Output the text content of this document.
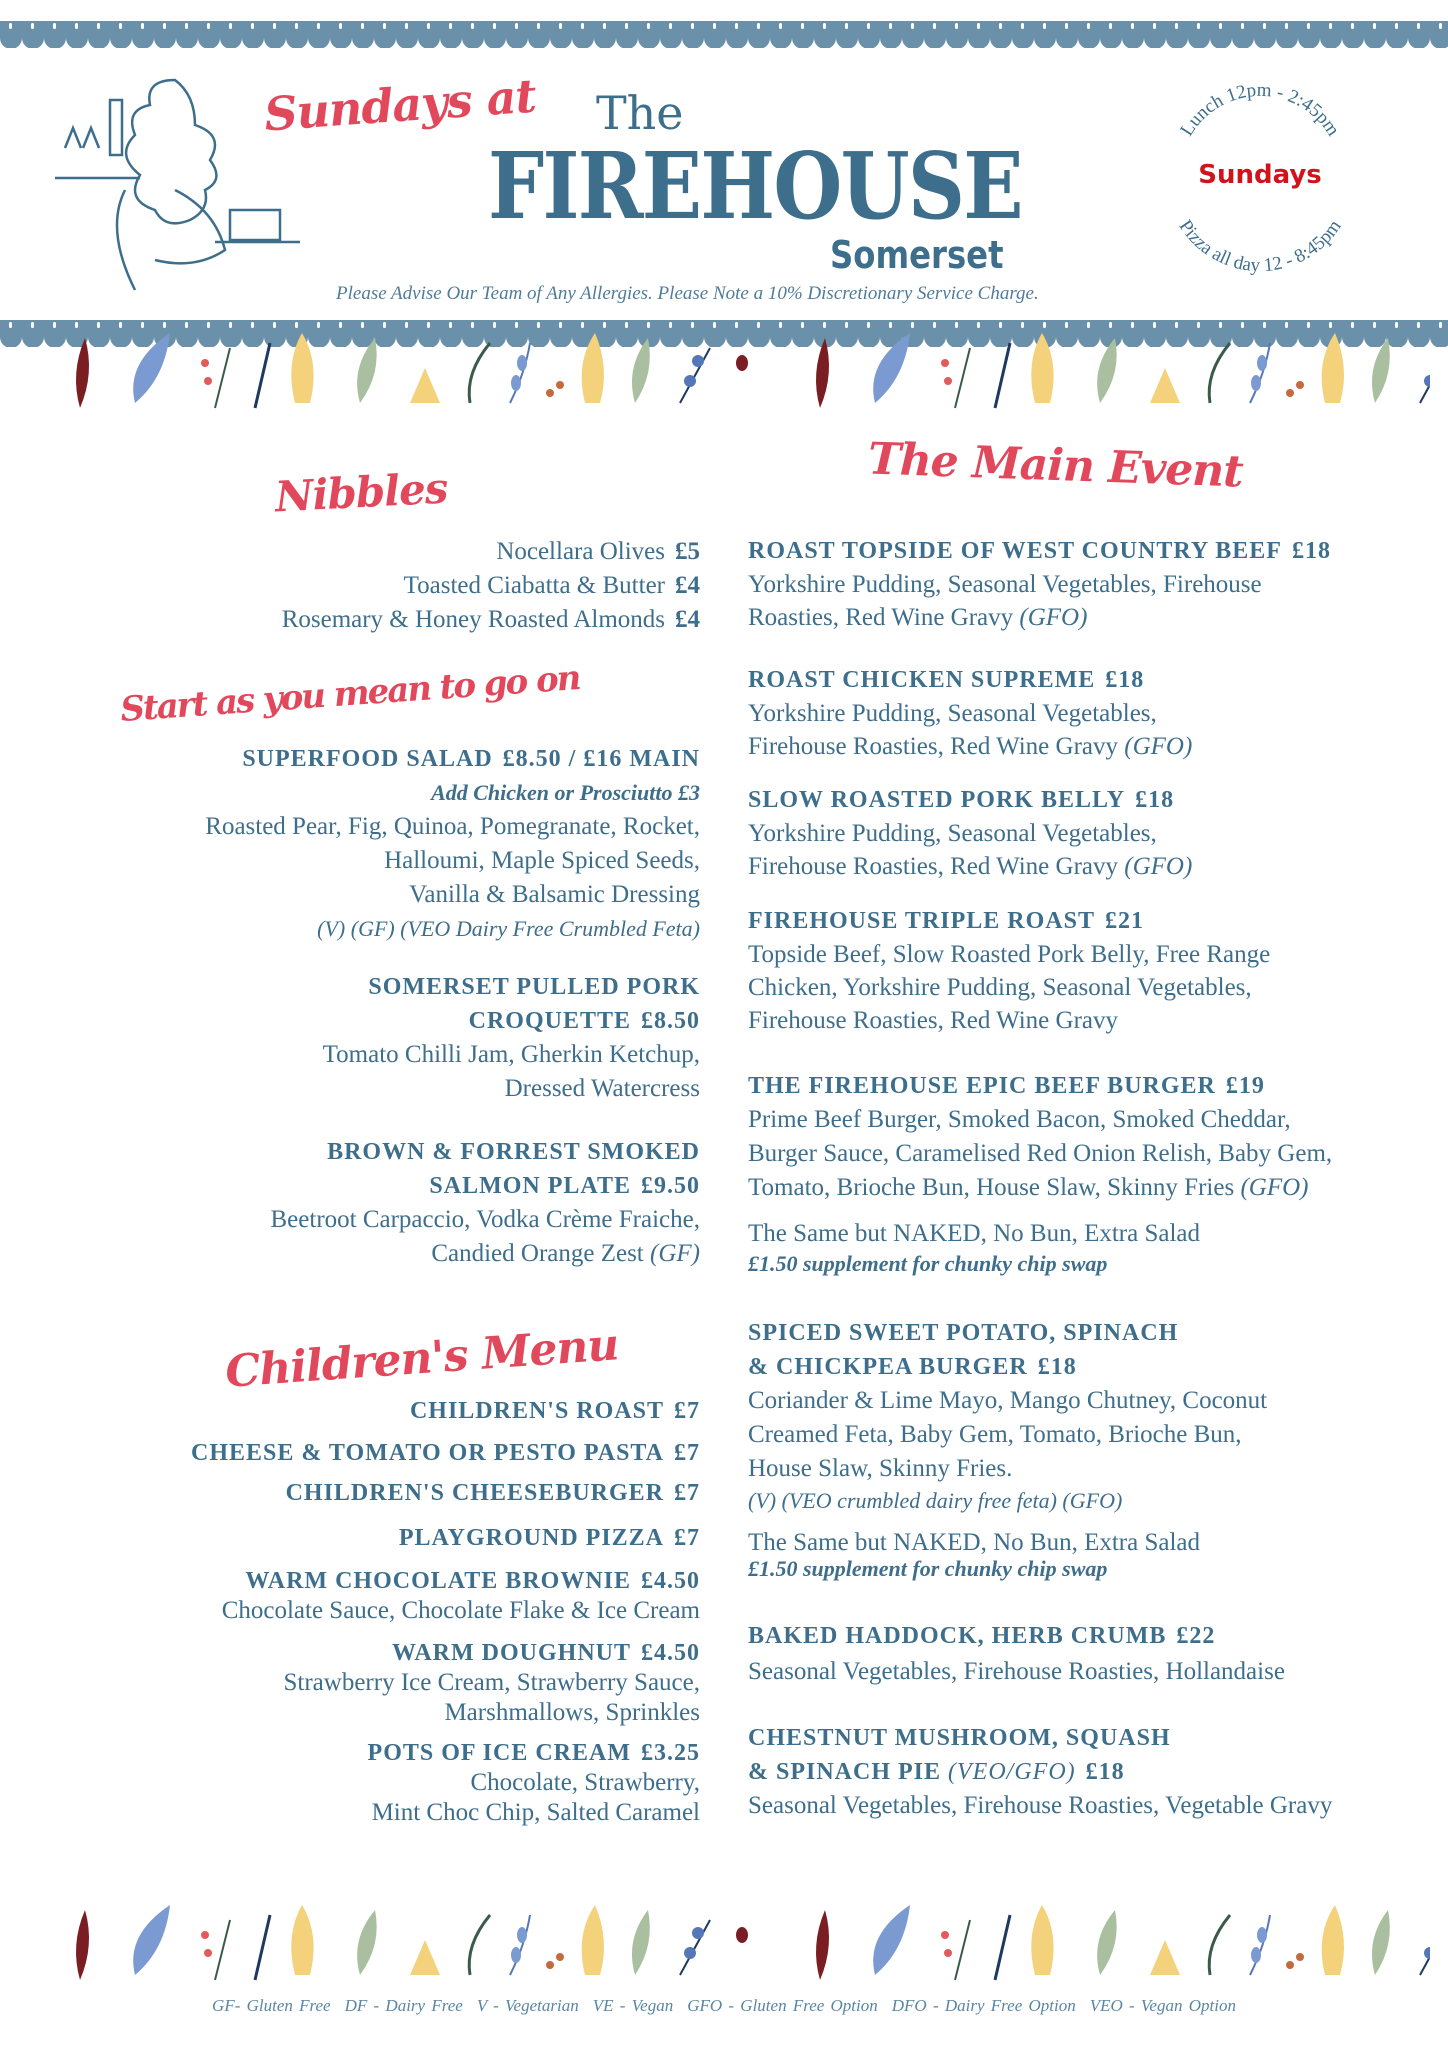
Sundays at The
FIREHOUSE
Somerset
Please Advise Our Team of Any Allergies. Please Note a 10% Discretionary Service Charge.
Lunch 12pm - 2:45pm
Pizza all day 12 - 8:45pm
Sundays
Nibbles
Start as you mean to go on
Children's Menu
The Main Event
Nocellara Olives £5
Toasted Ciabatta & Butter £4
Rosemary & Honey Roasted Almonds £4
SUPERFOOD SALAD £8.50 / £16 MAIN
Add Chicken or Prosciutto £3
Roasted Pear, Fig, Quinoa, Pomegranate, Rocket,
Halloumi, Maple Spiced Seeds,
Vanilla & Balsamic Dressing
(V) (GF) (VEO Dairy Free Crumbled Feta)
SOMERSET PULLED PORK
CROQUETTE £8.50
Tomato Chilli Jam, Gherkin Ketchup,
Dressed Watercress
BROWN & FORREST SMOKED
SALMON PLATE £9.50
Beetroot Carpaccio, Vodka Crème Fraiche,
Candied Orange Zest (GF)
CHILDREN'S ROAST £7
CHEESE & TOMATO OR PESTO PASTA £7
CHILDREN'S CHEESEBURGER £7
PLAYGROUND PIZZA £7
WARM CHOCOLATE BROWNIE £4.50
Chocolate Sauce, Chocolate Flake & Ice Cream
WARM DOUGHNUT £4.50
Strawberry Ice Cream, Strawberry Sauce,
Marshmallows, Sprinkles
POTS OF ICE CREAM £3.25
Chocolate, Strawberry,
Mint Choc Chip, Salted Caramel
ROAST TOPSIDE OF WEST COUNTRY BEEF £18
Yorkshire Pudding, Seasonal Vegetables, Firehouse
Roasties, Red Wine Gravy (GFO)
ROAST CHICKEN SUPREME £18
Yorkshire Pudding, Seasonal Vegetables,
Firehouse Roasties, Red Wine Gravy (GFO)
SLOW ROASTED PORK BELLY £18
Yorkshire Pudding, Seasonal Vegetables,
Firehouse Roasties, Red Wine Gravy (GFO)
FIREHOUSE TRIPLE ROAST £21
Topside Beef, Slow Roasted Pork Belly, Free Range
Chicken, Yorkshire Pudding, Seasonal Vegetables,
Firehouse Roasties, Red Wine Gravy
THE FIREHOUSE EPIC BEEF BURGER £19
Prime Beef Burger, Smoked Bacon, Smoked Cheddar,
Burger Sauce, Caramelised Red Onion Relish, Baby Gem,
Tomato, Brioche Bun, House Slaw, Skinny Fries (GFO)
The Same but NAKED, No Bun, Extra Salad
£1.50 supplement for chunky chip swap
SPICED SWEET POTATO, SPINACH
& CHICKPEA BURGER £18
Coriander & Lime Mayo, Mango Chutney, Coconut
Creamed Feta, Baby Gem, Tomato, Brioche Bun,
House Slaw, Skinny Fries.
(V) (VEO crumbled dairy free feta) (GFO)
The Same but NAKED, No Bun, Extra Salad
£1.50 supplement for chunky chip swap
BAKED HADDOCK, HERB CRUMB £22
Seasonal Vegetables, Firehouse Roasties, Hollandaise
CHESTNUT MUSHROOM, SQUASH
& SPINACH PIE (VEO/GFO) £18
Seasonal Vegetables, Firehouse Roasties, Vegetable Gravy
GF- Gluten Free DF - Dairy Free V - Vegetarian VE - Vegan GFO - Gluten Free Option DFO - Dairy Free Option VEO - Vegan Option
